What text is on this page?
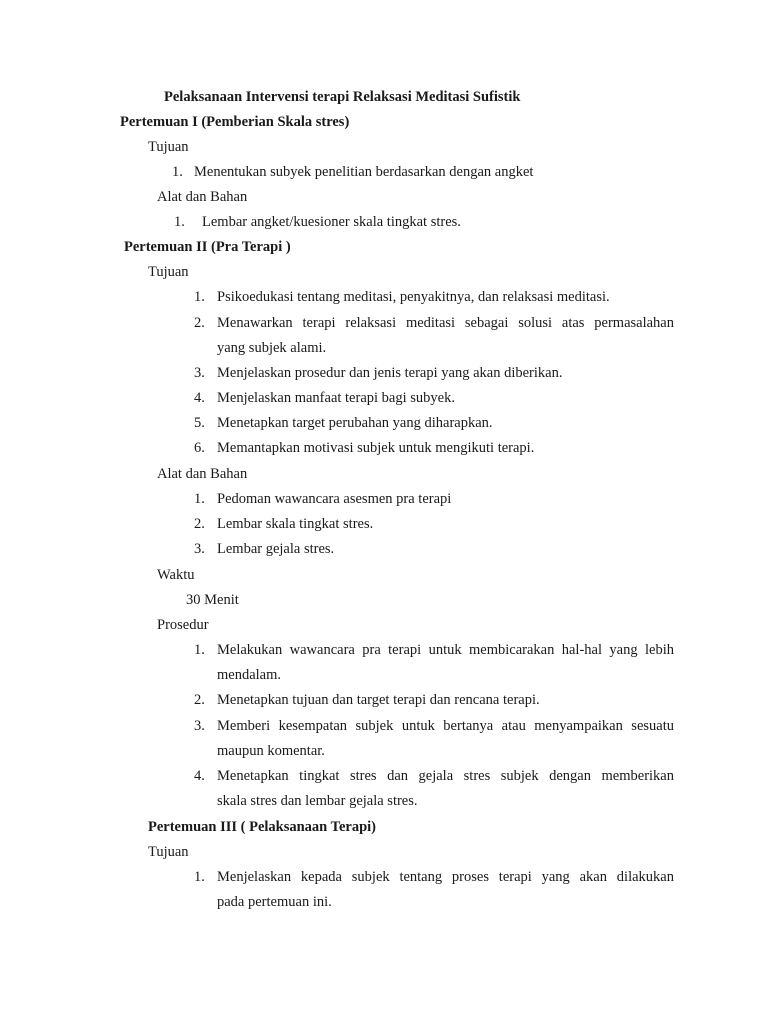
Pelaksanaan Intervensi terapi Relaksasi Meditasi Sufistik
Pertemuan I (Pemberian Skala stres)
Tujuan
1. Menentukan subyek penelitian berdasarkan dengan angket
Alat dan Bahan
1. Lembar angket/kuesioner skala tingkat stres.
Pertemuan II (Pra Terapi )
Tujuan
1. Psikoedukasi tentang meditasi, penyakitnya, dan relaksasi meditasi.
2. Menawarkan terapi relaksasi meditasi sebagai solusi atas permasalahan
yang subjek alami.
3. Menjelaskan prosedur dan jenis terapi yang akan diberikan.
4. Menjelaskan manfaat terapi bagi subyek.
5. Menetapkan target perubahan yang diharapkan.
6. Memantapkan motivasi subjek untuk mengikuti terapi.
Alat dan Bahan
1. Pedoman wawancara asesmen pra terapi
2. Lembar skala tingkat stres.
3. Lembar gejala stres.
Waktu
30 Menit
Prosedur
1. Melakukan wawancara pra terapi untuk membicarakan hal-hal yang lebih
mendalam.
2. Menetapkan tujuan dan target terapi dan rencana terapi.
3. Memberi kesempatan subjek untuk bertanya atau menyampaikan sesuatu
maupun komentar.
4. Menetapkan tingkat stres dan gejala stres subjek dengan memberikan
skala stres dan lembar gejala stres.
Pertemuan III ( Pelaksanaan Terapi)
Tujuan
1. Menjelaskan kepada subjek tentang proses terapi yang akan dilakukan
pada pertemuan ini.
